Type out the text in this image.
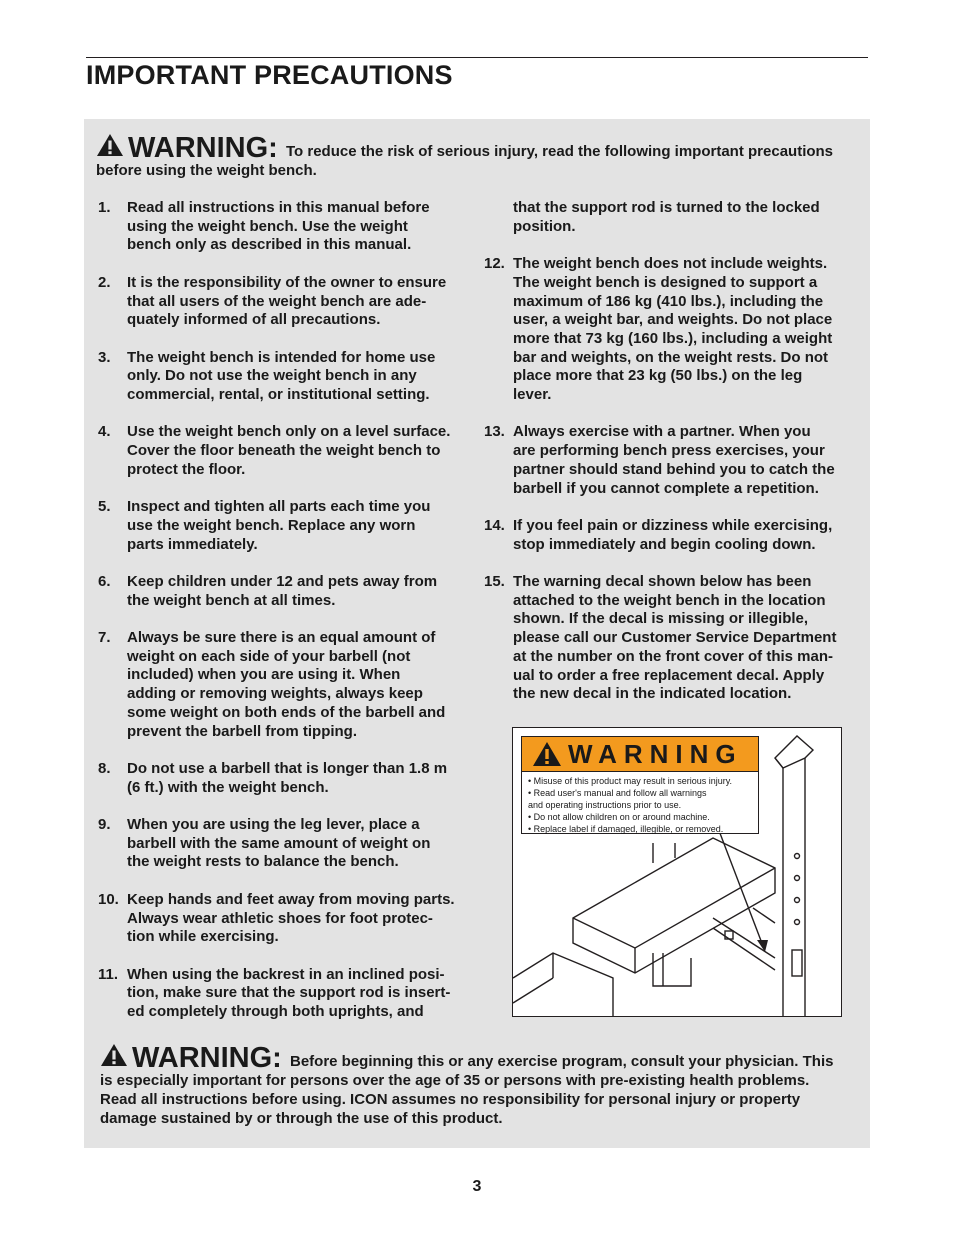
IMPORTANT PRECAUTIONS
WARNING: To reduce the risk of serious injury, read the following important precautions
before using the weight bench.
1.	Read all instructions in this manual before
using the weight bench. Use the weight
bench only as described in this manual.
2.	It is the responsibility of the owner to ensure
that all users of the weight bench are ade-
quately informed of all precautions.
3.	The weight bench is intended for home use
only. Do not use the weight bench in any
commercial, rental, or institutional setting.
4.	Use the weight bench only on a level surface.
Cover the floor beneath the weight bench to
protect the floor.
5.	Inspect and tighten all parts each time you
use the weight bench. Replace any worn
parts immediately.
6.	Keep children under 12 and pets away from
the weight bench at all times.
7.	Always be sure there is an equal amount of
weight on each side of your barbell (not
included) when you are using it. When
adding or removing weights, always keep
some weight on both ends of the barbell and
prevent the barbell from tipping.
8.	Do not use a barbell that is longer than 1.8 m
(6 ft.) with the weight bench.
9.	When you are using the leg lever, place a
barbell with the same amount of weight on
the weight rests to balance the bench.
10. Keep hands and feet away from moving parts.
Always wear athletic shoes for foot protec-
tion while exercising.
11. When using the backrest in an inclined posi-
tion, make sure that the support rod is insert-
ed completely through both uprights, and
that the support rod is turned to the locked
position.
12. The weight bench does not include weights.
The weight bench is designed to support a
maximum of 186 kg (410 lbs.), including the
user, a weight bar, and weights. Do not place
more that 73 kg (160 lbs.), including a weight
bar and weights, on the weight rests. Do not
place more that 23 kg (50 lbs.) on the leg
lever.
13. Always exercise with a partner. When you
are performing bench press exercises, your
partner should stand behind you to catch the
barbell if you cannot complete a repetition.
14. If you feel pain or dizziness while exercising,
stop immediately and begin cooling down.
15. The warning decal shown below has been
attached to the weight bench in the location
shown. If the decal is missing or illegible,
please call our Customer Service Department
at the number on the front cover of this man-
ual to order a free replacement decal. Apply
the new decal in the indicated location.
WARNING
• Misuse of this product may result in serious injury.
• Read user's manual and follow all warnings
and operating instructions prior to use.
• Do not allow children on or around machine.
• Replace label if damaged, illegible, or removed.
WARNING: Before beginning this or any exercise program, consult your physician. This
is especially important for persons over the age of 35 or persons with pre-existing health problems.
Read all instructions before using. ICON assumes no responsibility for personal injury or property
damage sustained by or through the use of this product.
3
